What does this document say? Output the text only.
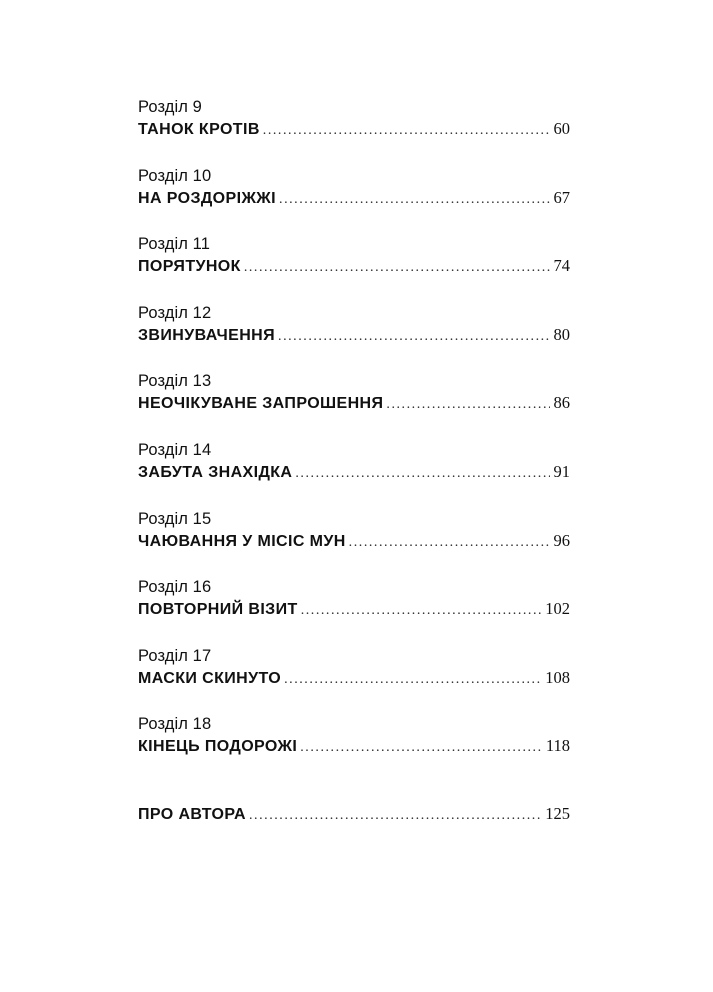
Розділ 9
ТАНОК КРОТІВ .....	60
Розділ 10
НА РОЗДОРІЖЖІ .....	67
Розділ 11
ПОРЯТУНОК .....	74
Розділ 12
ЗВИНУВАЧЕННЯ .....	80
Розділ 13
НЕОЧІКУВАНЕ ЗАПРОШЕННЯ .....	86
Розділ 14
ЗАБУТА ЗНАХІДКА .....	91
Розділ 15
ЧАЮВАННЯ У МІСІС МУН .....	96
Розділ 16
ПОВТОРНИЙ ВІЗИТ .....	102
Розділ 17
МАСКИ СКИНУТО .....	108
Розділ 18
КІНЕЦЬ ПОДОРОЖІ .....	118
ПРО АВТОРА .....	125
